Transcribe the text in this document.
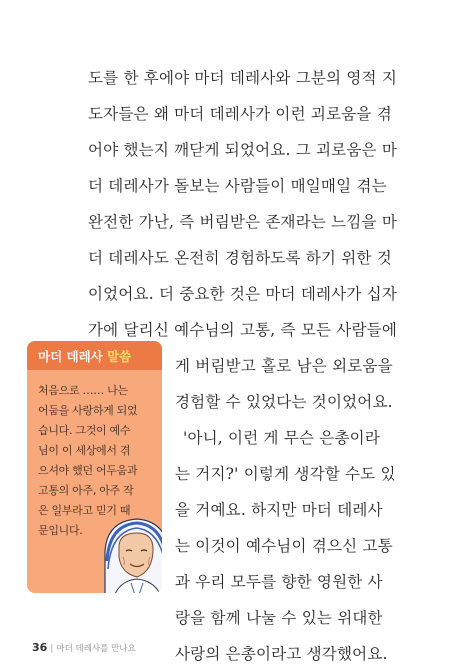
도를 한 후에야 마더 데레사와 그분의 영적 지
도자들은 왜 마더 데레사가 이런 괴로움을 겪
어야 했는지 깨닫게 되었어요. 그 괴로움은 마
더 데레사가 돌보는 사람들이 매일매일 겪는
완전한 가난, 즉 버림받은 존재라는 느낌을 마
더 데레사도 온전히 경험하도록 하기 위한 것
이었어요. 더 중요한 것은 마더 데레사가 십자
가에 달리신 예수님의 고통, 즉 모든 사람들에
게 버림받고 홀로 남은 외로움을
경험할 수 있었다는 것이었어요.
'아니, 이런 게 무슨 은총이라
는 거지?' 이렇게 생각할 수도 있
을 거예요. 하지만 마더 데레사
는 이것이 예수님이 겪으신 고통
과 우리 모두를 향한 영원한 사
랑을 함께 나눌 수 있는 위대한
사랑의 은총이라고 생각했어요.
마더 데레사 말씀
처음으로 …… 나는
어둠을 사랑하게 되었
습니다. 그것이 예수
님이 이 세상에서 겪
으셔야 했던 어두움과
고통의 아주, 아주 작
은 일부라고 믿기 때
문입니다.
36 | 마더 데레사를 만나요
